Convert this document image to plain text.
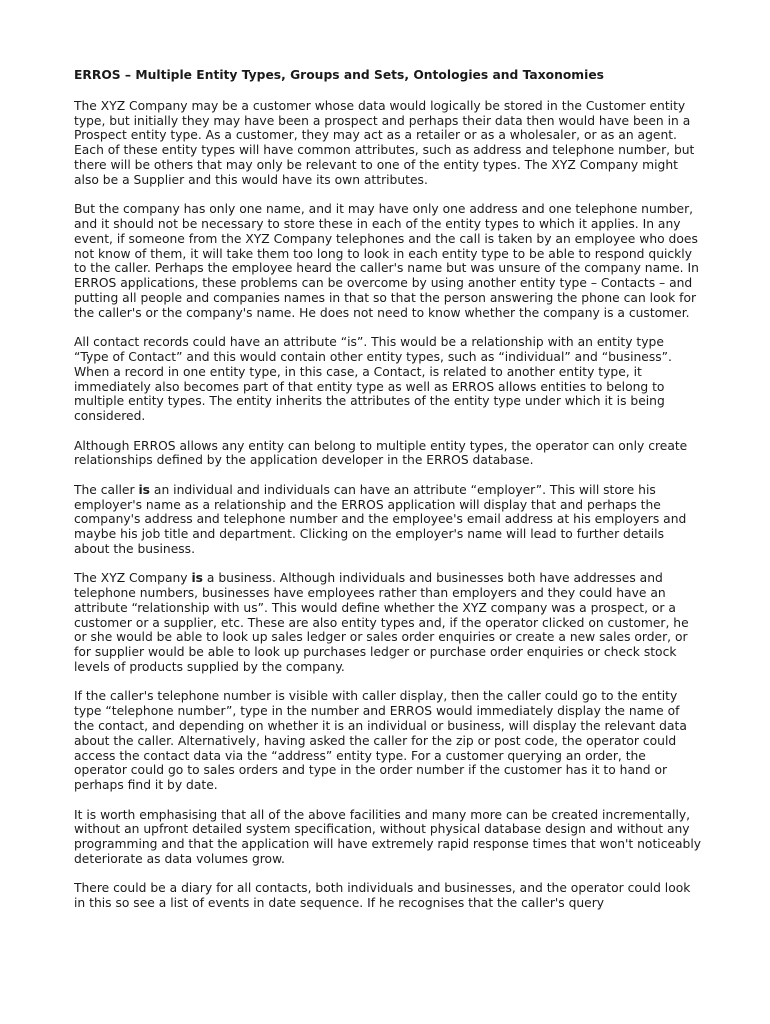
ERROS – Multiple Entity Types, Groups and Sets, Ontologies and Taxonomies

The XYZ Company may be a customer whose data would logically be stored in the Customer entity type, but initially they may have been a prospect and perhaps their data then would have been in a Prospect entity type. As a customer, they may act as a retailer or as a wholesaler, or as an agent. Each of these entity types will have common attributes, such as address and telephone number, but there will be others that may only be relevant to one of the entity types. The XYZ Company might also be a Supplier and this would have its own attributes.

But the company has only one name, and it may have only one address and one telephone number, and it should not be necessary to store these in each of the entity types to which it applies. In any event, if someone from the XYZ Company telephones and the call is taken by an employee who does not know of them, it will take them too long to look in each entity type to be able to respond quickly to the caller. Perhaps the employee heard the caller's name but was unsure of the company name. In ERROS applications, these problems can be overcome by using another entity type – Contacts – and putting all people and companies names in that so that the person answering the phone can look for the caller's or the company's name. He does not need to know whether the company is a customer.

All contact records could have an attribute “is”. This would be a relationship with an entity type “Type of Contact” and this would contain other entity types, such as “individual” and “business”. When a record in one entity type, in this case, a Contact, is related to another entity type, it immediately also becomes part of that entity type as well as ERROS allows entities to belong to multiple entity types. The entity inherits the attributes of the entity type under which it is being considered.

Although ERROS allows any entity can belong to multiple entity types, the operator can only create relationships defined by the application developer in the ERROS database.

The caller is an individual and individuals can have an attribute “employer”. This will store his employer's name as a relationship and the ERROS application will display that and perhaps the company's address and telephone number and the employee's email address at his employers and maybe his job title and department. Clicking on the employer's name will lead to further details about the business.

The XYZ Company is a business. Although individuals and businesses both have addresses and telephone numbers, businesses have employees rather than employers and they could have an attribute “relationship with us”. This would define whether the XYZ company was a prospect, or a customer or a supplier, etc. These are also entity types and, if the operator clicked on customer, he or she would be able to look up sales ledger or sales order enquiries or create a new sales order, or for supplier would be able to look up purchases ledger or purchase order enquiries or check stock levels of products supplied by the company.

If the caller's telephone number is visible with caller display, then the caller could go to the entity type “telephone number”, type in the number and ERROS would immediately display the name of the contact, and depending on whether it is an individual or business, will display the relevant data about the caller. Alternatively, having asked the caller for the zip or post code, the operator could access the contact data via the “address” entity type. For a customer querying an order, the operator could go to sales orders and type in the order number if the customer has it to hand or perhaps find it by date.

It is worth emphasising that all of the above facilities and many more can be created incrementally, without an upfront detailed system specification, without physical database design and without any programming and that the application will have extremely rapid response times that won't noticeably deteriorate as data volumes grow.

There could be a diary for all contacts, both individuals and businesses, and the operator could look in this so see a list of events in date sequence. If he recognises that the caller's query
